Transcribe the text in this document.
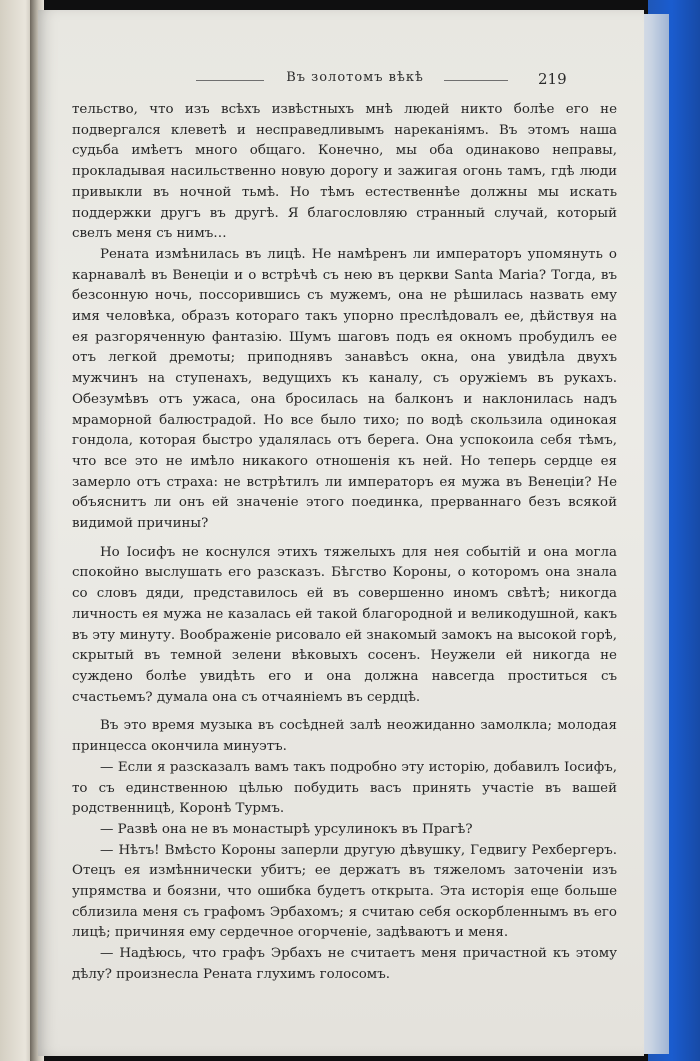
Въ золотомъ вѣкѣ	219

тельство, что изъ всѣхъ извѣстныхъ мнѣ людей никто болѣе его не подвергался клеветѣ и несправедливымъ нареканіямъ. Въ этомъ наша судьба имѣетъ много общаго. Конечно, мы оба одинаково неправы, прокладывая насильственно новую дорогу и зажигая огонь тамъ, гдѣ люди привыкли въ ночной тьмѣ. Но тѣмъ естественнѣе должны мы искать поддержки другъ въ другѣ. Я благословляю странный случай, который свелъ меня съ нимъ…

Рената измѣнилась въ лицѣ. Не намѣренъ ли императоръ упомянуть о карнавалѣ въ Венеціи и о встрѣчѣ съ нею въ церкви Santa Maria? Тогда, въ безсонную ночь, поссорившись съ мужемъ, она не рѣшилась назвать ему имя человѣка, образъ котораго такъ упорно преслѣдовалъ ее, дѣйствуя на ея разгоряченную фантазію. Шумъ шаговъ подъ ея окномъ пробудилъ ее отъ легкой дремоты; приподнявъ занавѣсъ окна, она увидѣла двухъ мужчинъ на ступенахъ, ведущихъ къ каналу, съ оружіемъ въ рукахъ. Обезумѣвъ отъ ужаса, она бросилась на балконъ и наклонилась надъ мраморной балюстрадой. Но все было тихо; по водѣ скользила одинокая гондола, которая быстро удалялась отъ берега. Она успокоила себя тѣмъ, что все это не имѣло никакого отношенія къ ней. Но теперь сердце ея замерло отъ страха: не встрѣтилъ ли императоръ ея мужа въ Венеціи? Не объяснитъ ли онъ ей значеніе этого поединка, прерваннаго безъ всякой видимой причины?

Но Іосифъ не коснулся этихъ тяжелыхъ для нея событій и она могла спокойно выслушать его разсказъ. Бѣгство Короны, о которомъ она знала со словъ дяди, представилось ей въ совершенно иномъ свѣтѣ; никогда личность ея мужа не казалась ей такой благородной и великодушной, какъ въ эту минуту. Воображеніе рисовало ей знакомый замокъ на высокой горѣ, скрытый въ темной зелени вѣковыхъ сосенъ. Неужели ей никогда не суждено болѣе увидѣть его и она должна навсегда проститься съ счастьемъ? думала она съ отчаяніемъ въ сердцѣ.

Въ это время музыка въ сосѣдней залѣ неожиданно замолкла; молодая принцесса окончила минуэтъ.

— Если я разсказалъ вамъ такъ подробно эту исторію, добавилъ Іосифъ, то съ единственною цѣлью побудить васъ принять участіе въ вашей родственницѣ, Коронѣ Турмъ.

— Развѣ она не въ монастырѣ урсулинокъ въ Прагѣ?

— Нѣтъ! Вмѣсто Короны заперли другую дѣвушку, Гедвигу Рехбергеръ. Отецъ ея измѣннически убитъ; ее держатъ въ тяжеломъ заточеніи изъ упрямства и боязни, что ошибка будетъ открыта. Эта исторія еще больше сблизила меня съ графомъ Эрбахомъ; я считаю себя оскорбленнымъ въ его лицѣ; причиняя ему сердечное огорченіе, задѣваютъ и меня.

— Надѣюсь, что графъ Эрбахъ не считаетъ меня причастной къ этому дѣлу? произнесла Рената глухимъ голосомъ.
